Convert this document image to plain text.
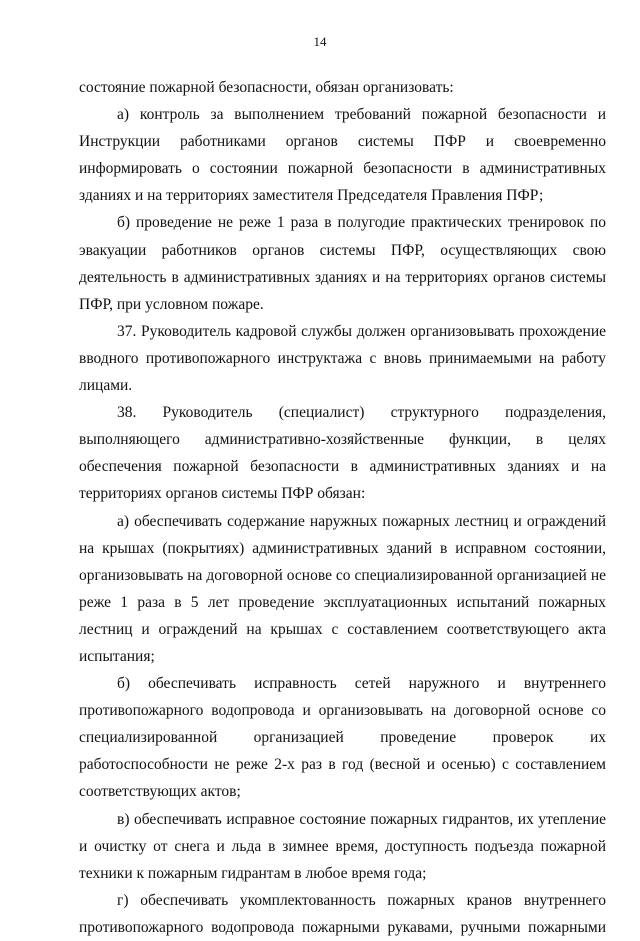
14

состояние пожарной безопасности, обязан организовать:

а) контроль за выполнением требований пожарной безопасности и Инструкции работниками органов системы ПФР и своевременно информировать о состоянии пожарной безопасности в административных зданиях и на территориях заместителя Председателя Правления ПФР;

б) проведение не реже 1 раза в полугодие практических тренировок по эвакуации работников органов системы ПФР, осуществляющих свою деятельность в административных зданиях и на территориях органов системы ПФР, при условном пожаре.

37. Руководитель кадровой службы должен организовывать прохождение вводного противопожарного инструктажа с вновь принимаемыми на работу лицами.

38. Руководитель (специалист) структурного подразделения, выполняющего административно-хозяйственные функции, в целях обеспечения пожарной безопасности в административных зданиях и на территориях органов системы ПФР обязан:

а) обеспечивать содержание наружных пожарных лестниц и ограждений на крышах (покрытиях) административных зданий в исправном состоянии, организовывать на договорной основе со специализированной организацией не реже 1 раза в 5 лет проведение эксплуатационных испытаний пожарных лестниц и ограждений на крышах с составлением соответствующего акта испытания;

б) обеспечивать исправность сетей наружного и внутреннего противопожарного водопровода и организовывать на договорной основе со специализированной организацией проведение проверок их работоспособности не реже 2-х раз в год (весной и осенью) с составлением соответствующих актов;

в) обеспечивать исправное состояние пожарных гидрантов, их утепление и очистку от снега и льда в зимнее время, доступность подъезда пожарной техники к пожарным гидрантам в любое время года;

г) обеспечивать укомплектованность пожарных кранов внутреннего противопожарного водопровода пожарными рукавами, ручными пожарными
